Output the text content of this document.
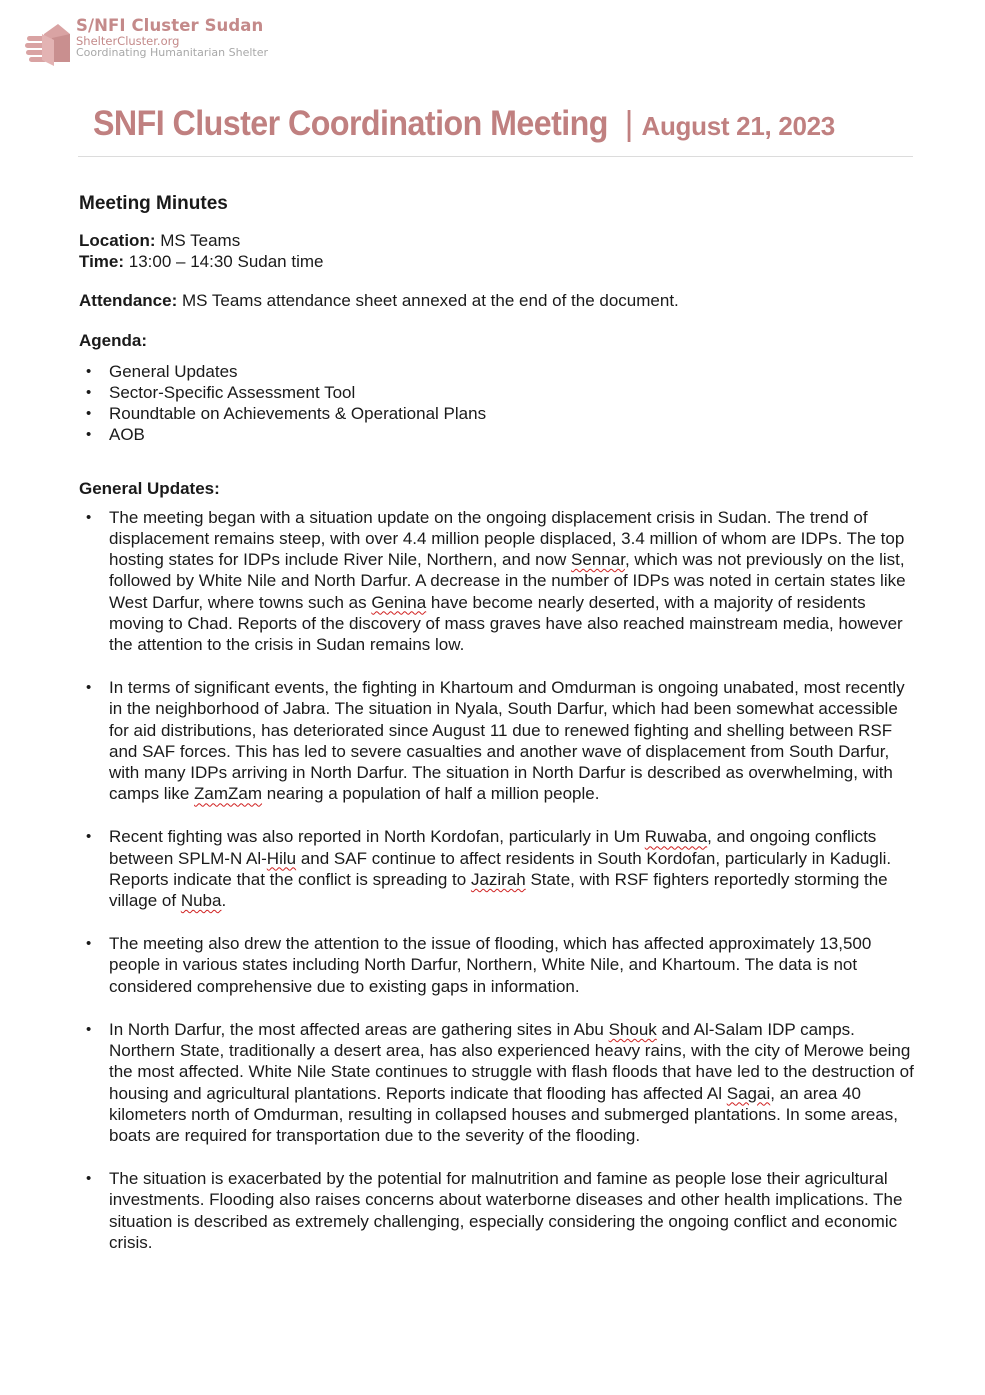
S/NFI Cluster Sudan
ShelterCluster.org
Coordinating Humanitarian Shelter
SNFI Cluster Coordination Meeting | August 21, 2023

Meeting Minutes

Location: MS Teams

Time: 13:00 – 14:30 Sudan time

Attendance: MS Teams attendance sheet annexed at the end of the document.

Agenda:

• General Updates
• Sector-Specific Assessment Tool
• Roundtable on Achievements & Operational Plans
• AOB

General Updates:

• The meeting began with a situation update on the ongoing displacement crisis in Sudan. The trend of displacement remains steep, with over 4.4 million people displaced, 3.4 million of whom are IDPs. The top hosting states for IDPs include River Nile, Northern, and now Sennar, which was not previously on the list, followed by White Nile and North Darfur. A decrease in the number of IDPs was noted in certain states like West Darfur, where towns such as Genina have become nearly deserted, with a majority of residents moving to Chad. Reports of the discovery of mass graves have also reached mainstream media, however the attention to the crisis in Sudan remains low.
• In terms of significant events, the fighting in Khartoum and Omdurman is ongoing unabated, most recently in the neighborhood of Jabra. The situation in Nyala, South Darfur, which had been somewhat accessible for aid distributions, has deteriorated since August 11 due to renewed fighting and shelling between RSF and SAF forces. This has led to severe casualties and another wave of displacement from South Darfur, with many IDPs arriving in North Darfur. The situation in North Darfur is described as overwhelming, with camps like ZamZam nearing a population of half a million people.
• Recent fighting was also reported in North Kordofan, particularly in Um Ruwaba, and ongoing conflicts between SPLM-N Al-Hilu and SAF continue to affect residents in South Kordofan, particularly in Kadugli. Reports indicate that the conflict is spreading to Jazirah State, with RSF fighters reportedly storming the village of Nuba.
• The meeting also drew the attention to the issue of flooding, which has affected approximately 13,500 people in various states including North Darfur, Northern, White Nile, and Khartoum. The data is not considered comprehensive due to existing gaps in information.
• In North Darfur, the most affected areas are gathering sites in Abu Shouk and Al-Salam IDP camps. Northern State, traditionally a desert area, has also experienced heavy rains, with the city of Merowe being the most affected. White Nile State continues to struggle with flash floods that have led to the destruction of housing and agricultural plantations. Reports indicate that flooding has affected Al Sagai, an area 40 kilometers north of Omdurman, resulting in collapsed houses and submerged plantations. In some areas, boats are required for transportation due to the severity of the flooding.
• The situation is exacerbated by the potential for malnutrition and famine as people lose their agricultural investments. Flooding also raises concerns about waterborne diseases and other health implications. The situation is described as extremely challenging, especially considering the ongoing conflict and economic crisis.
